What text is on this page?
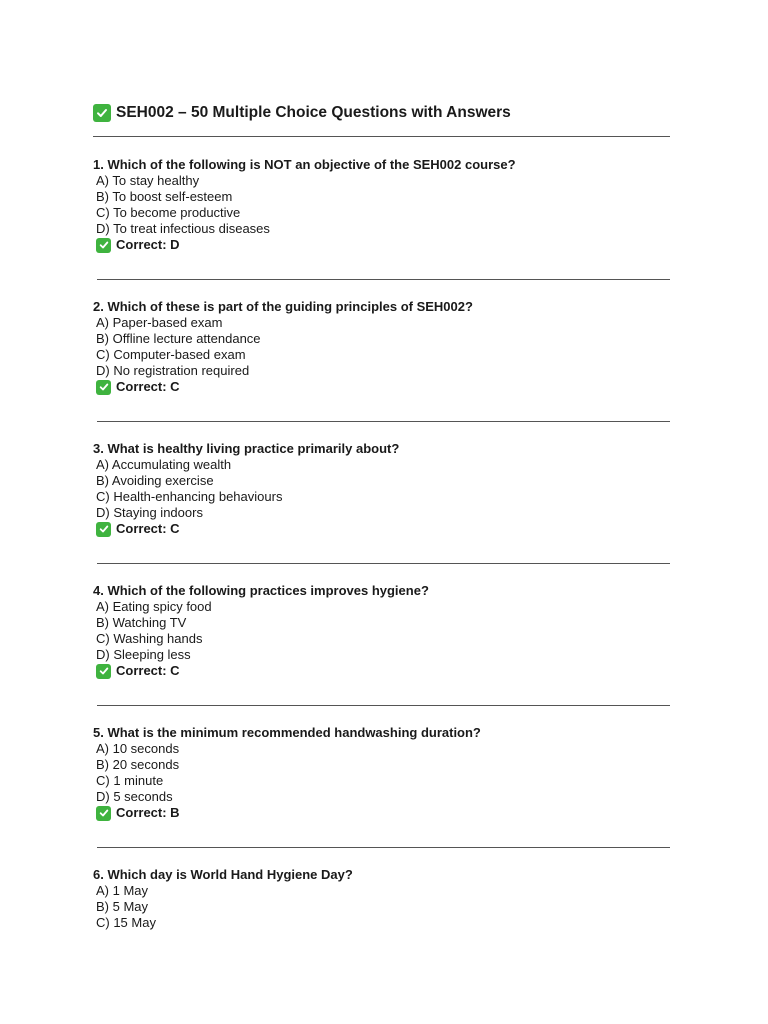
SEH002 – 50 Multiple Choice Questions with Answers
1. Which of the following is NOT an objective of the SEH002 course?
A) To stay healthy
B) To boost self-esteem
C) To become productive
D) To treat infectious diseases
Correct: D
2. Which of these is part of the guiding principles of SEH002?
A) Paper-based exam
B) Offline lecture attendance
C) Computer-based exam
D) No registration required
Correct: C
3. What is healthy living practice primarily about?
A) Accumulating wealth
B) Avoiding exercise
C) Health-enhancing behaviours
D) Staying indoors
Correct: C
4. Which of the following practices improves hygiene?
A) Eating spicy food
B) Watching TV
C) Washing hands
D) Sleeping less
Correct: C
5. What is the minimum recommended handwashing duration?
A) 10 seconds
B) 20 seconds
C) 1 minute
D) 5 seconds
Correct: B
6. Which day is World Hand Hygiene Day?
A) 1 May
B) 5 May
C) 15 May
